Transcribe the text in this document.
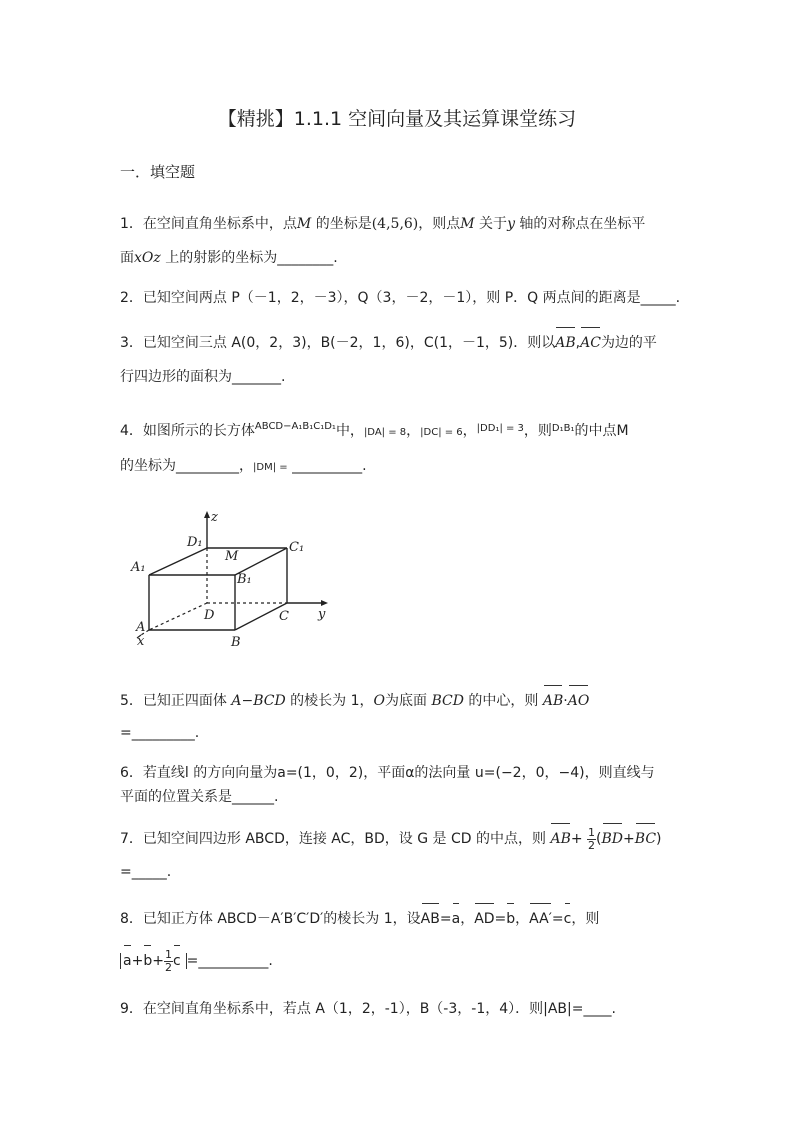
【精挑】1.1.1 空间向量及其运算课堂练习
一．填空题
1．在空间直角坐标系中，点M 的坐标是(4,5,6)，则点M 关于y 轴的对称点在坐标平
面xOz 上的射影的坐标为________.
2．已知空间两点 P（－1，2，－3），Q（3，－2，－1），则 P．Q 两点间的距离是_____.
3．已知空间三点 A(0，2，3)，B(－2，1，6)，C(1，－1，5)．则以AB,AC为边的平
行四边形的面积为_______.
4．如图所示的长方体$^{ABCD-A_1B_1C_1D_1}$中，|DA| = 8，|DC| = 6，$^{|DD_1| = 3}$，则$^{D_1B_1}$的中点M
的坐标为_________，|DM| = __________.
z
D₁
M
C₁
A₁
B₁
D	C y
A
x	B
5．已知正四面体 A−BCD 的棱长为 1，O为底面 BCD 的中心，则 AB·AO
=_________.
6．若直线l 的方向向量为a=(1，0，2)，平面α的法向量 u=(−2，0，−4)，则直线与
平面的位置关系是______.
7．已知空间四边形 ABCD，连接 AC，BD，设 G 是 CD 的中点，则 $AB+ \frac{1}{2} (BD+BC)$
=_____.
8．已知正方体 ABCD－A′B′C′D′的棱长为 1，设AB=a，AD=b，AA′=c，则
$a+b+ \frac{1}{2}$ c =__________.
9．在空间直角坐标系中，若点 A（1，2，-1），B（-3，-1，4）．则|AB|=____.
